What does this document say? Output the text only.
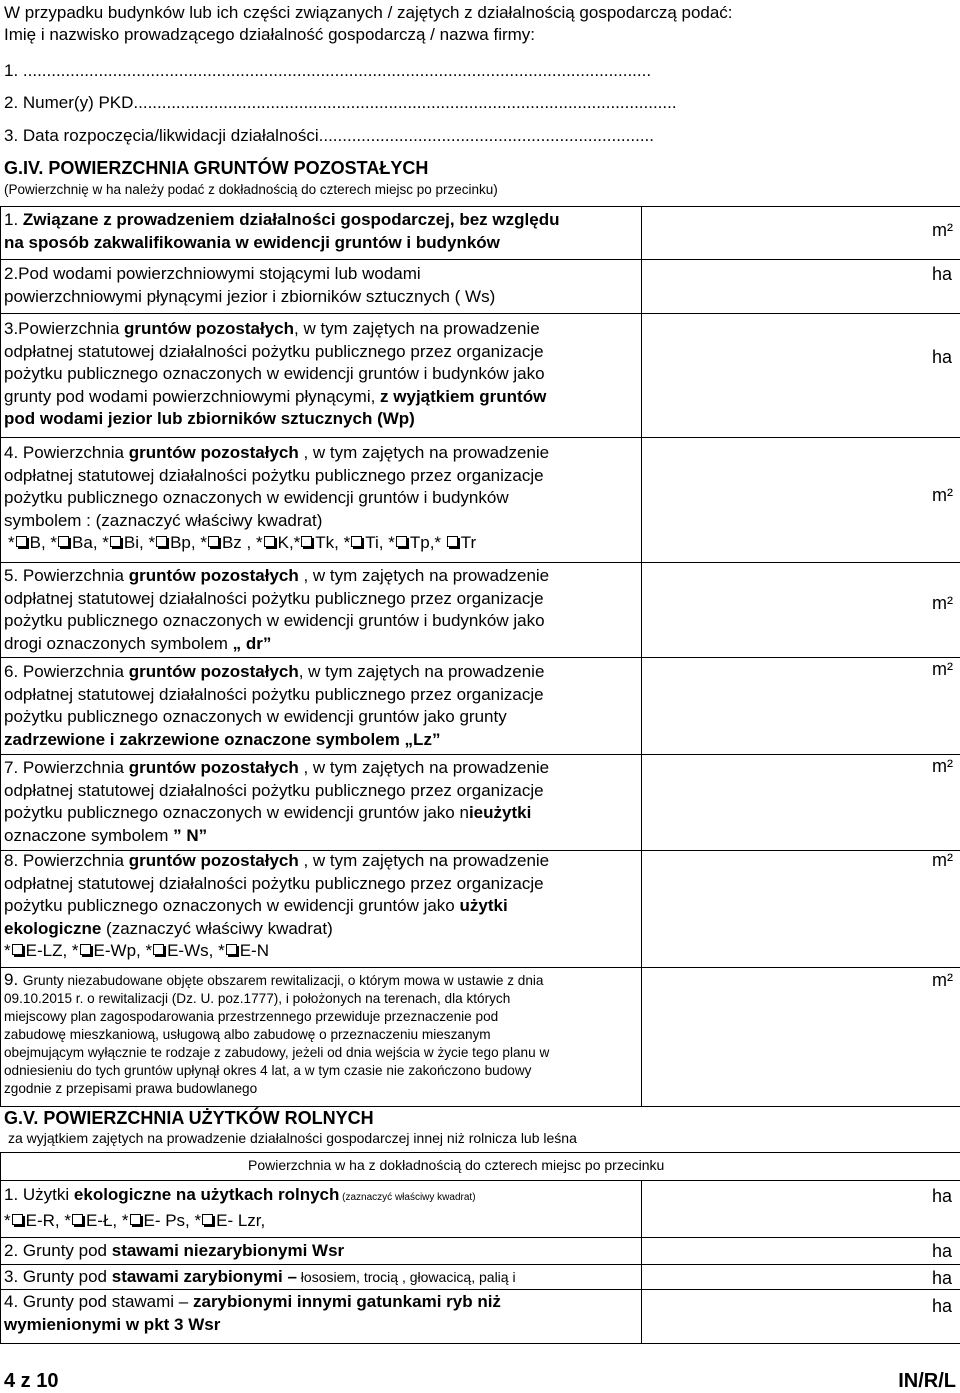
W przypadku budynków lub ich części związanych / zajętych z działalnością gospodarczą podać:
Imię i nazwisko prowadzącego działalność gospodarczą / nazwa firmy:
1. .....................................................................................................................................
2. Numer(y) PKD...................................................................................................................
3. Data rozpoczęcia/likwidacji działalności.......................................................................
G.IV. POWIERZCHNIA GRUNTÓW POZOSTAŁYCH
(Powierzchnię w ha należy podać z dokładnością do czterech miejsc po przecinku)
1. Związane z prowadzeniem działalności gospodarczej, bez względu
na sposób zakwalifikowania w ewidencji gruntów i budynków
m²
2.Pod wodami powierzchniowymi stojącymi lub wodami
powierzchniowymi płynącymi jezior i zbiorników sztucznych ( Ws)
ha
3.Powierzchnia gruntów pozostałych, w tym zajętych na prowadzenie
odpłatnej statutowej działalności pożytku publicznego przez organizacje
pożytku publicznego oznaczonych w ewidencji gruntów i budynków jako
grunty pod wodami powierzchniowymi płynącymi, z wyjątkiem gruntów
pod wodami jezior lub zbiorników sztucznych (Wp)
ha
4. Powierzchnia gruntów pozostałych , w tym zajętych na prowadzenie
odpłatnej statutowej działalności pożytku publicznego przez organizacje
pożytku publicznego oznaczonych w ewidencji gruntów i budynków
symbolem : (zaznaczyć właściwy kwadrat)
* B, * Ba, * Bi, * Bp, * Bz , * K,* Tk, * Ti, * Tp,* Tr
m²
5. Powierzchnia gruntów pozostałych , w tym zajętych na prowadzenie
odpłatnej statutowej działalności pożytku publicznego przez organizacje
pożytku publicznego oznaczonych w ewidencji gruntów i budynków jako
drogi oznaczonych symbolem „ dr”
m²
6. Powierzchnia gruntów pozostałych, w tym zajętych na prowadzenie
odpłatnej statutowej działalności pożytku publicznego przez organizacje
pożytku publicznego oznaczonych w ewidencji gruntów jako grunty
zadrzewione i zakrzewione oznaczone symbolem „Lz”
m²
7. Powierzchnia gruntów pozostałych , w tym zajętych na prowadzenie
odpłatnej statutowej działalności pożytku publicznego przez organizacje
pożytku publicznego oznaczonych w ewidencji gruntów jako nieużytki
oznaczone symbolem ” N”
m²
8. Powierzchnia gruntów pozostałych , w tym zajętych na prowadzenie
odpłatnej statutowej działalności pożytku publicznego przez organizacje
pożytku publicznego oznaczonych w ewidencji gruntów jako użytki
ekologiczne (zaznaczyć właściwy kwadrat)
* E-LZ, * E-Wp, * E-Ws, * E-N
m²
9. Grunty niezabudowane objęte obszarem rewitalizacji, o którym mowa w ustawie z dnia
09.10.2015 r. o rewitalizacji (Dz. U. poz.1777), i położonych na terenach, dla których
miejscowy plan zagospodarowania przestrzennego przewiduje przeznaczenie pod
zabudowę mieszkaniową, usługową albo zabudowę o przeznaczeniu mieszanym
obejmującym wyłącznie te rodzaje z zabudowy, jeżeli od dnia wejścia w życie tego planu w
odniesieniu do tych gruntów upłynął okres 4 lat, a w tym czasie nie zakończono budowy
zgodnie z przepisami prawa budowlanego
m²
G.V. POWIERZCHNIA UŻYTKÓW ROLNYCH
za wyjątkiem zajętych na prowadzenie działalności gospodarczej innej niż rolnicza lub leśna
Powierzchnia w ha z dokładnością do czterech miejsc po przecinku
1. Użytki ekologiczne na użytkach rolnych (zaznaczyć właściwy kwadrat)
* E-R, * E-Ł, * E- Ps, * E- Lzr,
ha
2. Grunty pod stawami niezarybionymi Wsr	ha
3. Grunty pod stawami zarybionymi – łososiem, trocią , głowacicą, palią i	ha
4. Grunty pod stawami – zarybionymi innymi gatunkami ryb niż
wymienionymi w pkt 3 Wsr
ha
4 z 10	IN/R/L
